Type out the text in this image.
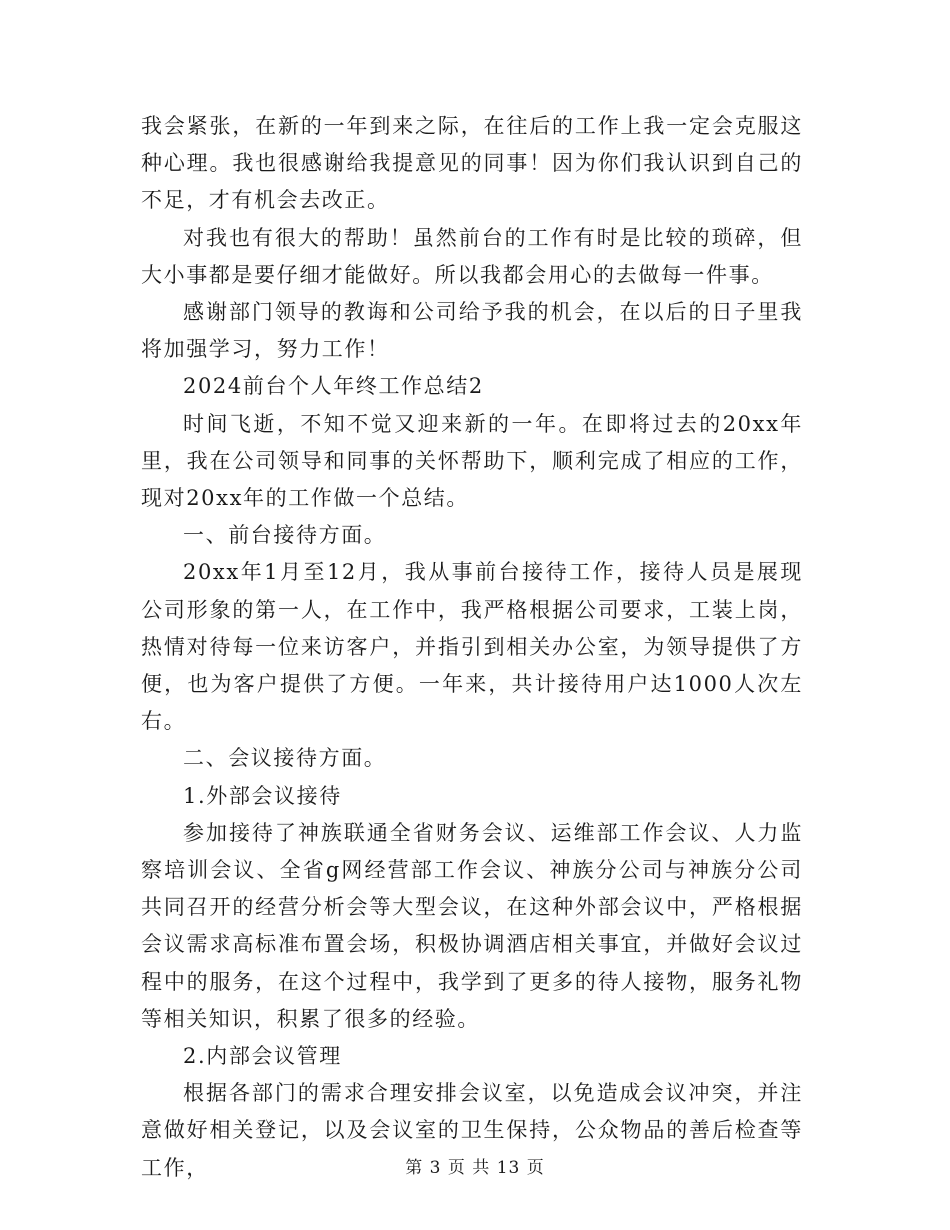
我会紧张，在新的一年到来之际，在往后的工作上我一定会克服这种心理。我也很感谢给我提意见的同事！因为你们我认识到自己的不足，才有机会去改正。

对我也有很大的帮助！虽然前台的工作有时是比较的琐碎，但大小事都是要仔细才能做好。所以我都会用心的去做每一件事。

感谢部门领导的教诲和公司给予我的机会，在以后的日子里我将加强学习，努力工作！

2024前台个人年终工作总结2

时间飞逝，不知不觉又迎来新的一年。在即将过去的20xx年里，我在公司领导和同事的关怀帮助下，顺利完成了相应的工作，现对20xx年的工作做一个总结。

一、前台接待方面。

20xx年1月至12月，我从事前台接待工作，接待人员是展现公司形象的第一人，在工作中，我严格根据公司要求，工装上岗，热情对待每一位来访客户，并指引到相关办公室，为领导提供了方便，也为客户提供了方便。一年来，共计接待用户达1000人次左右。

二、会议接待方面。

1.外部会议接待

参加接待了神族联通全省财务会议、运维部工作会议、人力监察培训会议、全省g网经营部工作会议、神族分公司与神族分公司共同召开的经营分析会等大型会议，在这种外部会议中，严格根据会议需求高标准布置会场，积极协调酒店相关事宜，并做好会议过程中的服务，在这个过程中，我学到了更多的待人接物，服务礼物等相关知识，积累了很多的经验。

2.内部会议管理

根据各部门的需求合理安排会议室，以免造成会议冲突，并注意做好相关登记，以及会议室的卫生保持，公众物品的善后检查等工作，	第 3 页 共 13 页
